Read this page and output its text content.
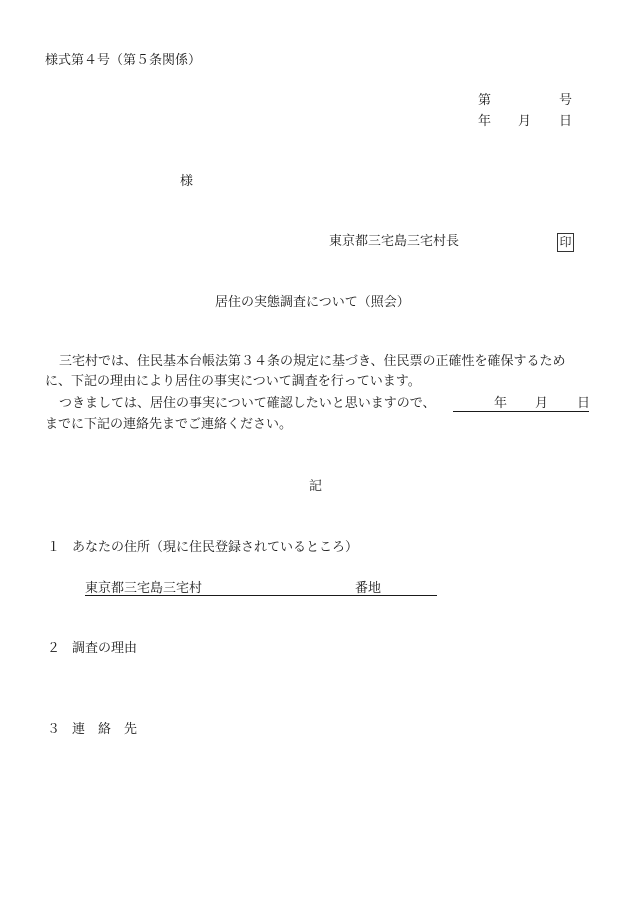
様式第４号（第５条関係）
第	号
年 月 日
様
東京都三宅島三宅村長	印
居住の実態調査について（照会）
三宅村では、住民基本台帳法第３４条の規定に基づき、住民票の正確性を確保するため
に、下記の理由により居住の事実について調査を行っています。
つきましては、居住の事実について確認したいと思いますので、	年 月 日
までに下記の連絡先までご連絡ください。
記
１ あなたの住所（現に住民登録されているところ）
東京都三宅島三宅村	番地
２ 調査の理由
３ 連　絡　先
